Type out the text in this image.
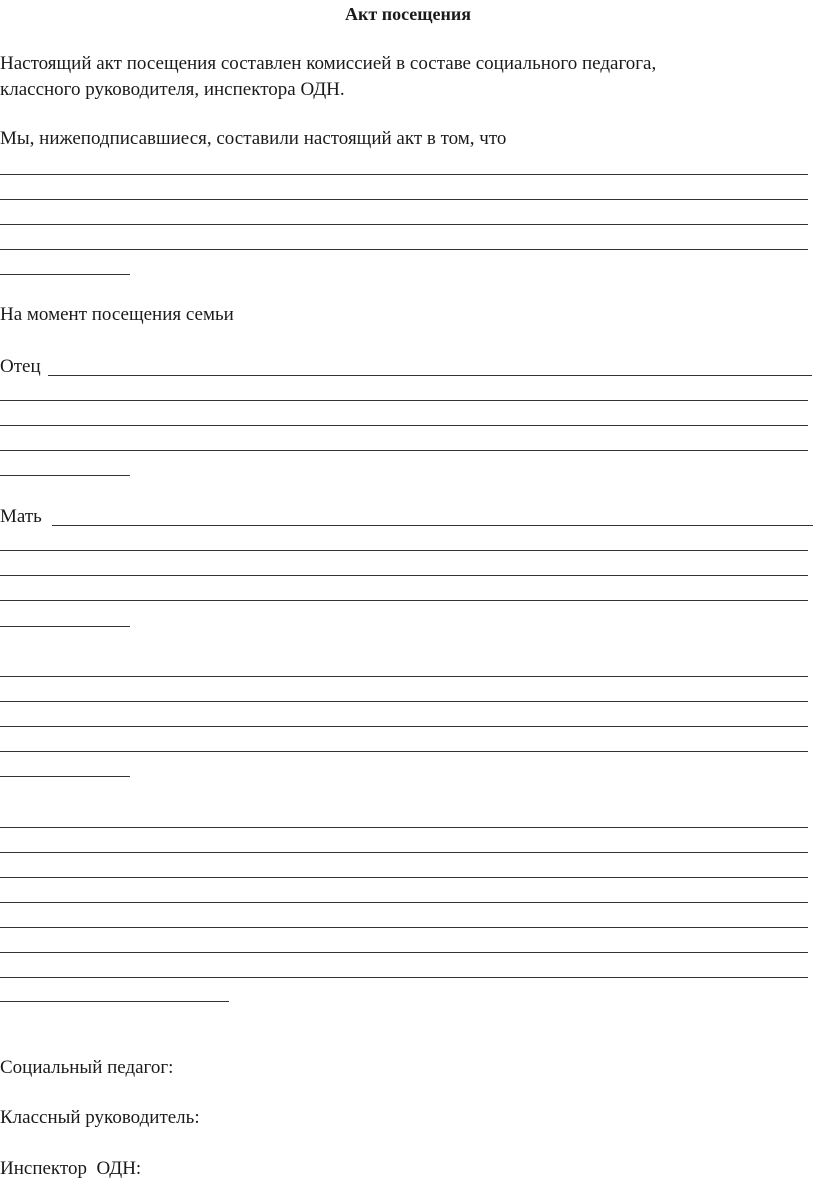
Акт посещения
Настоящий акт посещения составлен комиссией в составе социального педагога,
классного руководителя, инспектора ОДН.
Мы, нижеподписавшиеся, составили настоящий акт в том, что
На момент посещения семьи
Отец
Мать
Социальный педагог:
Классный руководитель:
Инспектор  ОДН:
